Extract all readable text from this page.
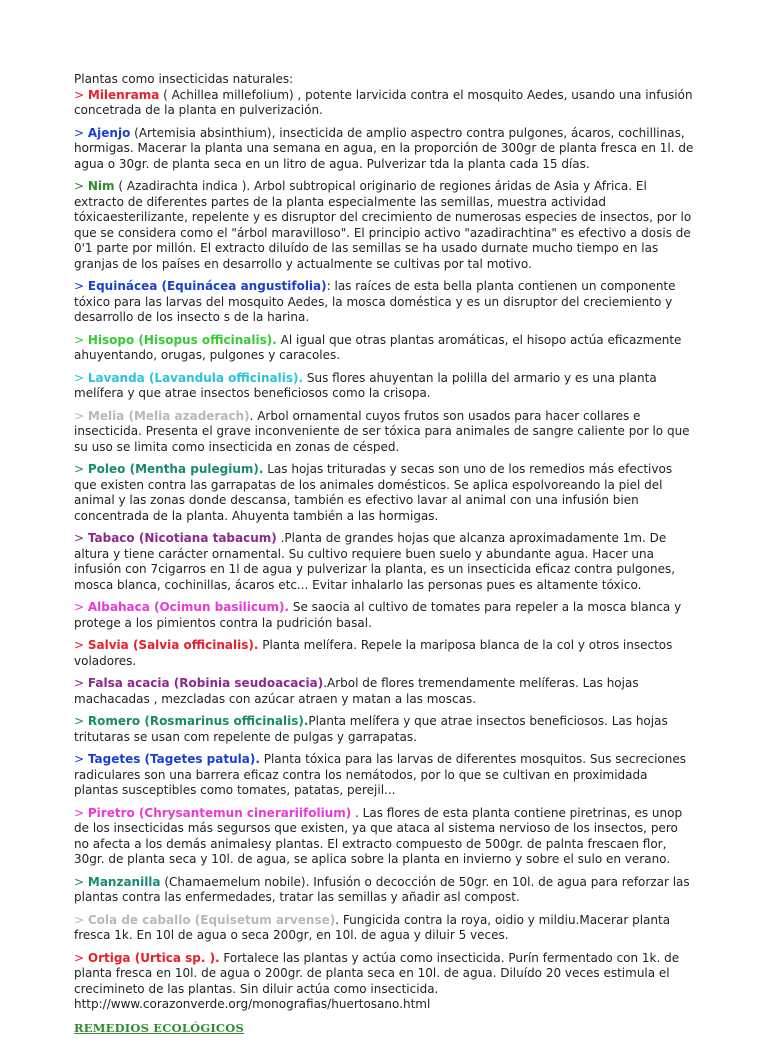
Plantas como insecticidas naturales:

> Milenrama ( Achillea millefolium) , potente larvicida contra el mosquito Aedes, usando una infusión concetrada de la planta en pulverización.

> Ajenjo (Artemisia absinthium), insecticida de amplio aspectro contra pulgones, ácaros, cochillinas, hormigas. Macerar la planta una semana en agua, en la proporción de 300gr de planta fresca en 1l. de agua o 30gr. de planta seca en un litro de agua. Pulverizar tda la planta cada 15 días.

> Nim ( Azadirachta indica ). Arbol subtropical originario de regiones áridas de Asia y Africa. El extracto de diferentes partes de la planta especialmente las semillas, muestra actividad tóxicaesterilizante, repelente y es disruptor del crecimiento de numerosas especies de insectos, por lo que se considera como el "árbol maravilloso". El principio activo "azadirachtina" es efectivo a dosis de 0'1 parte por millón. El extracto diluído de las semillas se ha usado durnate mucho tiempo en las granjas de los países en desarrollo y actualmente se cultivas por tal motivo.

> Equinácea (Equinácea angustifolia): las raíces de esta bella planta contienen un componente tóxico para las larvas del mosquito Aedes, la mosca doméstica y es un disruptor del creciemiento y desarrollo de los insecto s de la harina.

> Hisopo (Hisopus officinalis). Al igual que otras plantas aromáticas, el hisopo actúa eficazmente ahuyentando, orugas, pulgones y caracoles.

> Lavanda (Lavandula officinalis). Sus flores ahuyentan la polilla del armario y es una planta melífera y que atrae insectos beneficiosos como la crisopa.

> Melia (Melia azaderach). Arbol ornamental cuyos frutos son usados para hacer collares e insecticida. Presenta el grave inconveniente de ser tóxica para animales de sangre caliente por lo que su uso se limita como insecticida en zonas de césped.

> Poleo (Mentha pulegium). Las hojas trituradas y secas son uno de los remedios más efectivos que existen contra las garrapatas de los animales domésticos. Se aplica espolvoreando la piel del animal y las zonas donde descansa, también es efectivo lavar al animal con una infusión bien concentrada de la planta. Ahuyenta también a las hormigas.

> Tabaco (Nicotiana tabacum) .Planta de grandes hojas que alcanza aproximadamente 1m. De altura y tiene carácter ornamental. Su cultivo requiere buen suelo y abundante agua. Hacer una infusión con 7cigarros en 1l de agua y pulverizar la planta, es un insecticida eficaz contra pulgones, mosca blanca, cochinillas, ácaros etc... Evitar inhalarlo las personas pues es altamente tóxico.

> Albahaca (Ocimun basilicum). Se saocia al cultivo de tomates para repeler a la mosca blanca y protege a los pimientos contra la pudrición basal.

> Salvia (Salvia officinalis). Planta melífera. Repele la mariposa blanca de la col y otros insectos voladores.

> Falsa acacia (Robinia seudoacacia).Arbol de flores tremendamente melíferas. Las hojas machacadas , mezcladas con azúcar atraen y matan a las moscas.

> Romero (Rosmarinus officinalis).Planta melífera y que atrae insectos beneficiosos. Las hojas tritutaras se usan com repelente de pulgas y garrapatas.

> Tagetes (Tagetes patula). Planta tóxica para las larvas de diferentes mosquitos. Sus secreciones radiculares son una barrera eficaz contra los nemátodos, por lo que se cultivan en proximidada plantas susceptibles como tomates, patatas, perejil...

> Piretro (Chrysantemun cinerariifolium) . Las flores de esta planta contiene piretrinas, es unop de los insecticidas más segursos que existen, ya que ataca al sistema nervioso de los insectos, pero no afecta a los demás animalesy plantas. El extracto compuesto de 500gr. de palnta frescaen flor, 30gr. de planta seca y 10l. de agua, se aplica sobre la planta en invierno y sobre el sulo en verano.

> Manzanilla (Chamaemelum nobile). Infusión o decocción de 50gr. en 10l. de agua para reforzar las plantas contra las enfermedades, tratar las semillas y añadir asl compost.

> Cola de caballo (Equisetum arvense). Fungicida contra la roya, oidio y mildiu.Macerar planta fresca 1k. En 10l de agua o seca 200gr, en 10l. de agua y diluir 5 veces.

> Ortiga (Urtica sp. ). Fortalece las plantas y actúa como insecticida. Purín fermentado con 1k. de planta fresca en 10l. de agua o 200gr. de planta seca en 10l. de agua. Diluído 20 veces estimula el crecimineto de las plantas. Sin diluir actúa como insecticida.

http://www.corazonverde.org/monografias/huertosano.html

REMEDIOS ECOLÓGICOS
